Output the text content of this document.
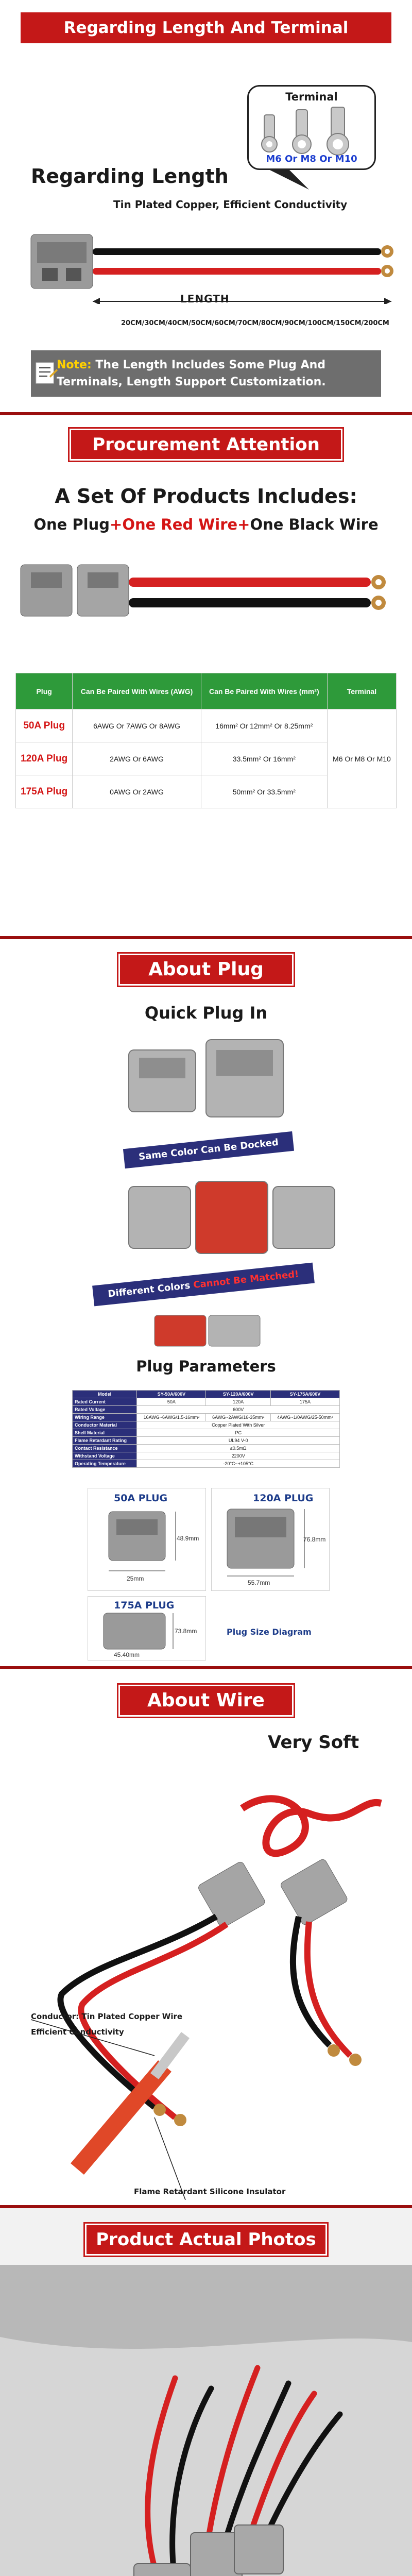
Regarding Length And Terminal
Terminal
M6 Or M8 Or M10
Regarding Length
Tin Plated Copper, Efficient Conductivity
LENGTH
20CM/30CM/40CM/50CM/60CM/70CM/80CM/90CM/100CM/150CM/200CM
Note: The Length Includes Some Plug And Terminals, Length Support Customization.
Procurement Attention
A Set Of Products Includes:
One Plug+One Red Wire+One Black Wire
Plug	Can Be Paired With Wires (AWG)	Can Be Paired With Wires (mm²)	Terminal
50A Plug	6AWG Or 7AWG Or 8AWG	16mm² Or 12mm² Or 8.25mm²	M6 Or M8 Or M10
120A Plug	2AWG Or 6AWG	33.5mm² Or 16mm²	
175A Plug	0AWG Or 2AWG	50mm² Or 33.5mm²	
About Plug
Quick Plug In
Same Color Can Be Docked
Different Colors Cannot Be Matched!
Plug Parameters
Model	SY-50A/600V	SY-120A/600V	SY-175A/600V
Rated Current	50A	120A	175A
Rated Voltage	600V		
Wiring Range	16AWG~6AWG/1.5-16mm²	6AWG~2AWG/16-35mm²	4AWG~1/0AWG/25-50mm²
Conductor Material	Copper Plated With Silver		
Shell Material	PC		
Flame Retardant Rating	UL94 V-0		
Contact Resistance	≤0.5mΩ		
Withstand Voltage	2200V		
Operating Temperature	-20°C~+105°C		
50A PLUG
48.9mm
25mm
120A PLUG
76.8mm
55.7mm
175A PLUG
73.8mm
45.40mm
Plug Size Diagram
About Wire
Very Soft
Conductor: Tin Plated Copper Wire
Efficient Conductivity
Flame Retardant Silicone Insulator
Product Actual Photos
